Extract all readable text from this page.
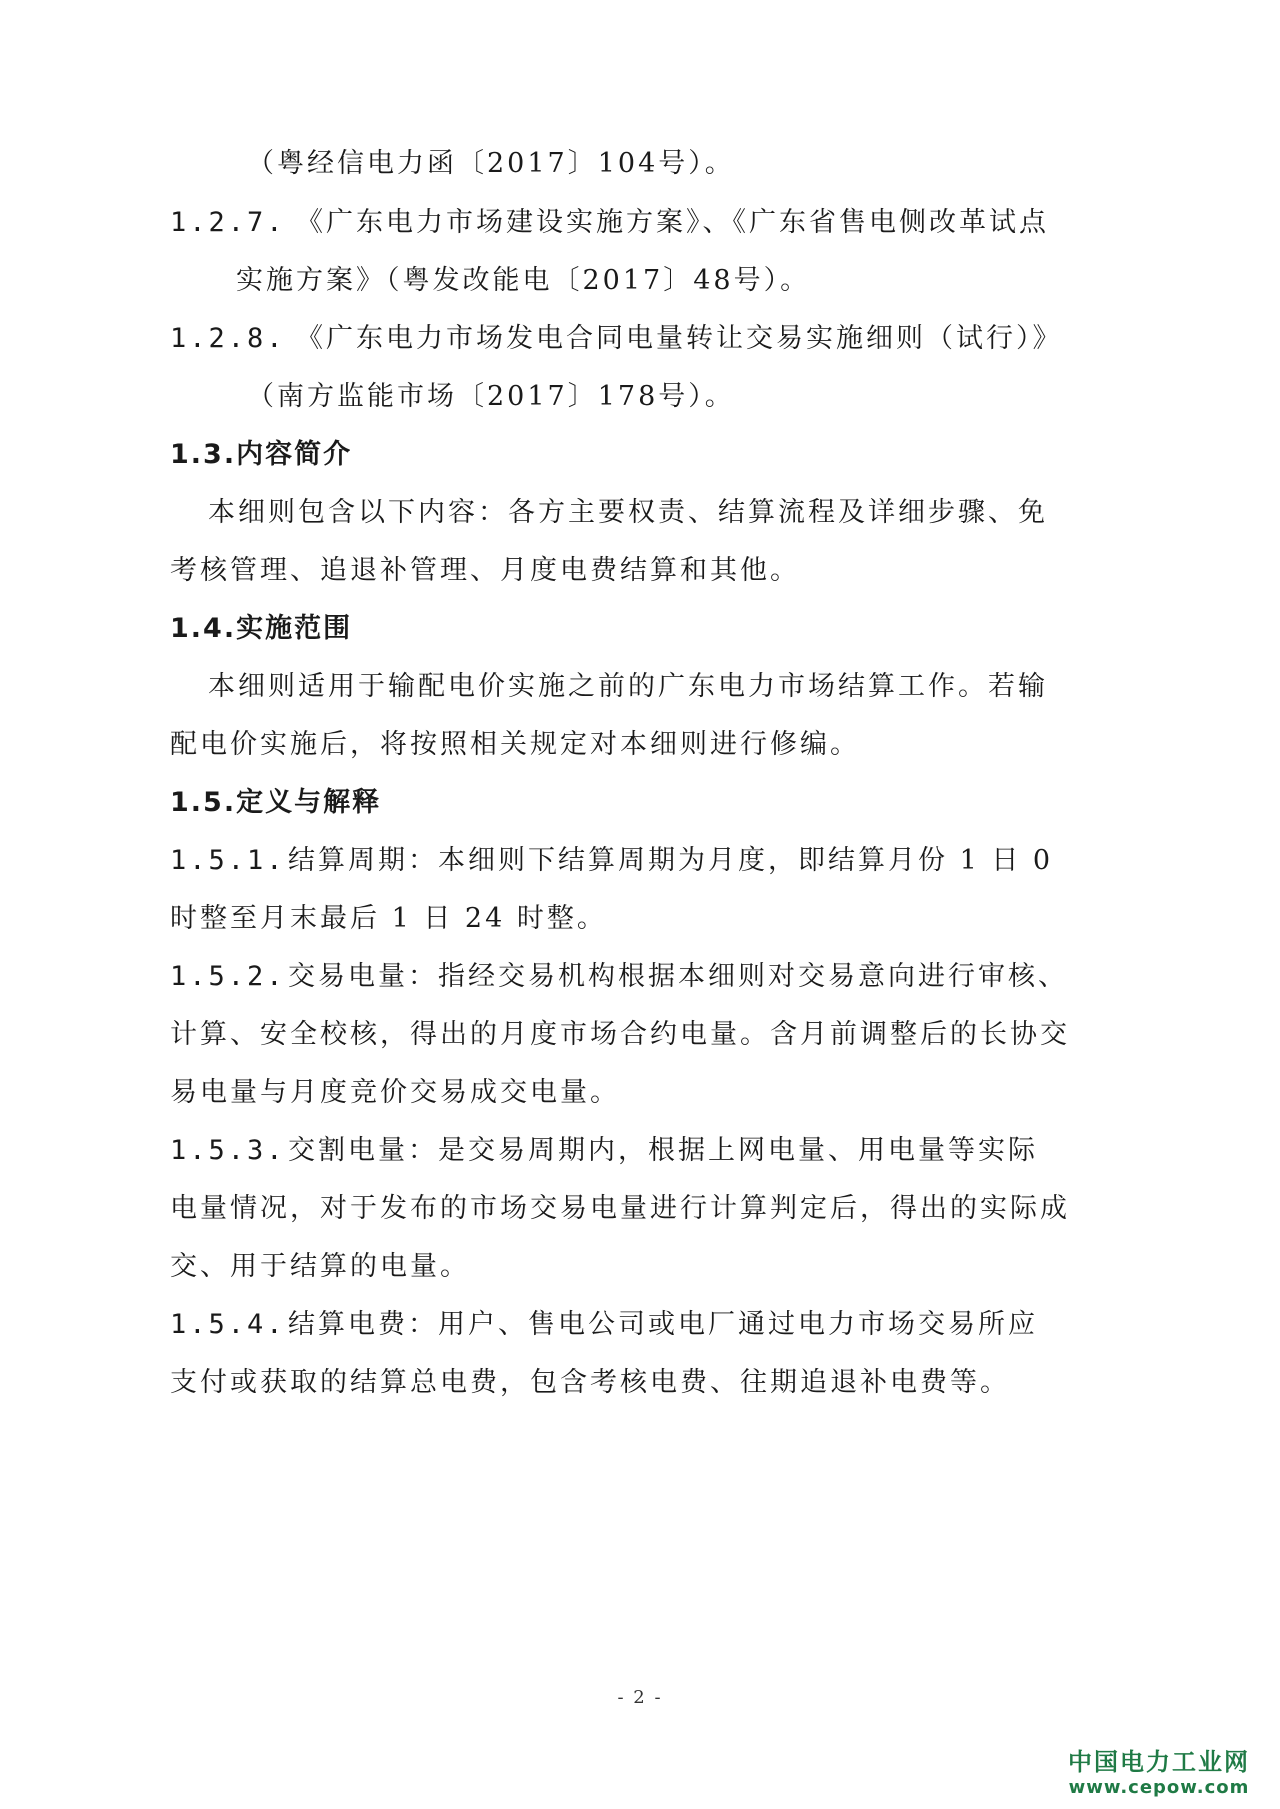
（粤经信电力函〔2017〕104号）。
1.2.7. 《广东电力市场建设实施方案》、《广东省售电侧改革试点
实施方案》（粤发改能电〔2017〕48号）。
1.2.8. 《广东电力市场发电合同电量转让交易实施细则（试行）》
（南方监能市场〔2017〕178号）。
1.3.内容简介
本细则包含以下内容：各方主要权责、结算流程及详细步骤、免
考核管理、追退补管理、月度电费结算和其他。
1.4.实施范围
本细则适用于输配电价实施之前的广东电力市场结算工作。若输
配电价实施后，将按照相关规定对本细则进行修编。
1.5.定义与解释
1.5.1. 结算周期：本细则下结算周期为月度，即结算月份 1 日 0
时整至月末最后 1 日 24 时整。
1.5.2. 交易电量：指经交易机构根据本细则对交易意向进行审核、
计算、安全校核，得出的月度市场合约电量。含月前调整后的长协交
易电量与月度竞价交易成交电量。
1.5.3. 交割电量：是交易周期内，根据上网电量、用电量等实际
电量情况，对于发布的市场交易电量进行计算判定后，得出的实际成
交、用于结算的电量。
1.5.4. 结算电费：用户、售电公司或电厂通过电力市场交易所应
支付或获取的结算总电费，包含考核电费、往期追退补电费等。
- 2 -
中国电力工业网
www.cepow.com
